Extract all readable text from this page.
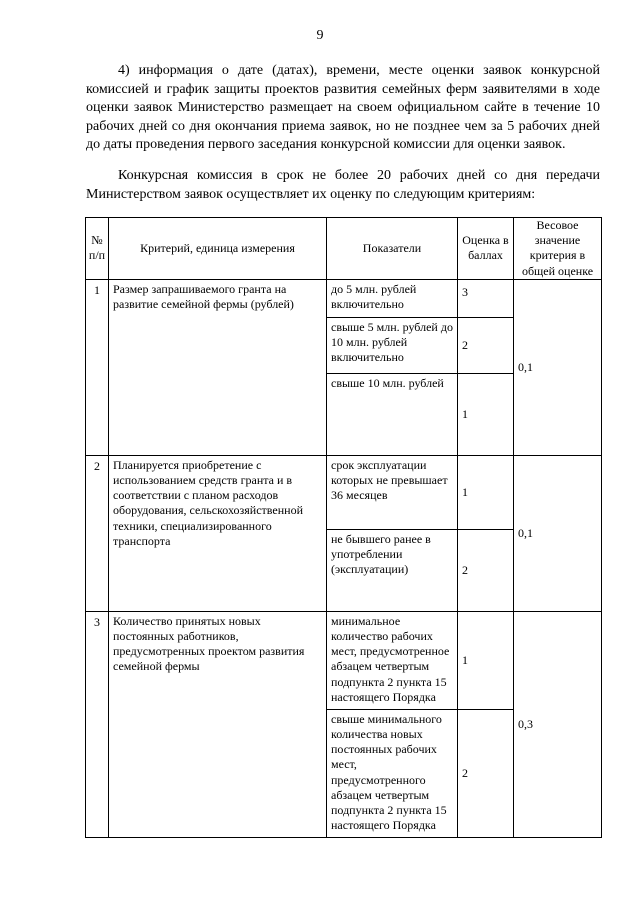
9

4) информация о дате (датах), времени, месте оценки заявок конкурсной комиссией и график защиты проектов развития семейных ферм заявителями в ходе оценки заявок Министерство размещает на своем официальном сайте в течение 10 рабочих дней со дня окончания приема заявок, но не позднее чем за 5 рабочих дней до даты проведения первого заседания конкурсной комиссии для оценки заявок.

Конкурсная комиссия в срок не более 20 рабочих дней со дня передачи Министерством заявок осуществляет их оценку по следующим критериям:

№ п/п	Критерий, единица измерения	Показатели	Оценка в баллах	Весовое значение критерия в общей оценке
1	Размер запрашиваемого гранта на развитие семейной фермы (рублей)	до 5 млн. рублей включительно	3	0,1
		свыше 5 млн. рублей до 10 млн. рублей включительно	2	
		свыше 10 млн. рублей	1	
2	Планируется приобретение с использованием средств гранта и в соответствии с планом расходов оборудования, сельскохозяйственной техники, специализированного транспорта	срок эксплуатации которых не превышает 36 месяцев	1	0,1
		не бывшего ранее в употреблении (эксплуатации)	2	
3	Количество принятых новых постоянных работников, предусмотренных проектом развития семейной фермы	минимальное количество рабочих мест, предусмотренное абзацем четвертым подпункта 2 пункта 15 настоящего Порядка	1	0,3
		свыше минимального количества новых постоянных рабочих мест, предусмотренного абзацем четвертым подпункта 2 пункта 15 настоящего Порядка	2	
